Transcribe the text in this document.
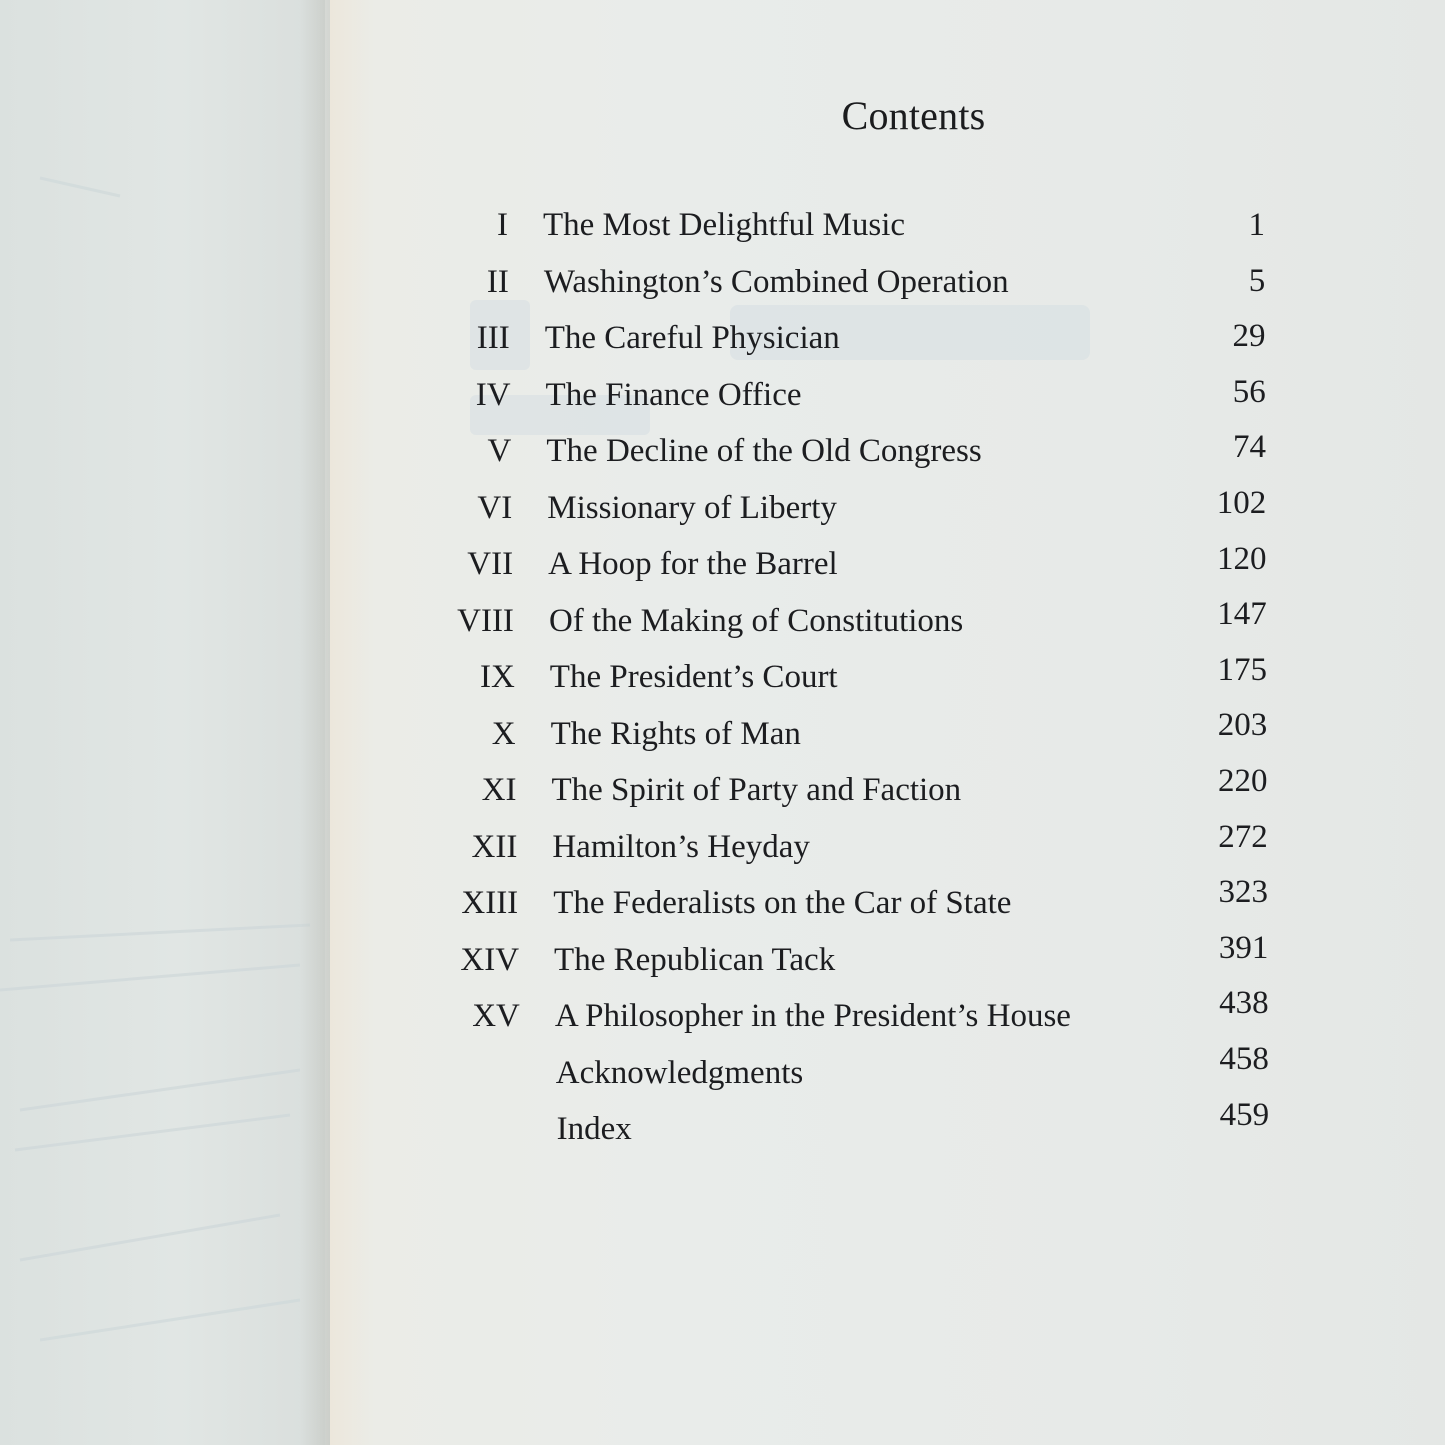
Contents
I The Most Delightful Music	1
II Washington’s Combined Operation	5
III The Careful Physician	29
IV The Finance Office	56
V The Decline of the Old Congress	74
VI Missionary of Liberty	102
VII A Hoop for the Barrel	120
VIII Of the Making of Constitutions	147
IX The President’s Court	175
X The Rights of Man	203
XI The Spirit of Party and Faction	220
XII Hamilton’s Heyday	272
XIII The Federalists on the Car of State	323
XIV The Republican Tack	391
XV A Philosopher in the President’s House	438
Acknowledgments	458
Index	459
